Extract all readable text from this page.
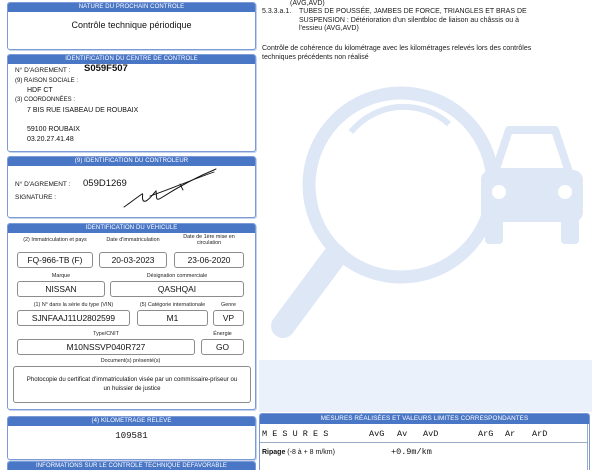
NATURE DU PROCHAIN CONTRÔLE
Contrôle technique périodique
IDENTIFICATION DU CENTRE DE CONTRÔLE
N° D'AGREMENT : S059F507
(9) RAISON SOCIALE :
HDF CT
(3) COORDONNÉES :
7 BIS RUE ISABEAU DE ROUBAIX
59100 ROUBAIX
03.20.27.41.48
(9) IDENTIFICATION DU CONTRÔLEUR
N° D'AGREMENT : 059D1269
SIGNATURE :
IDENTIFICATION DU VÉHICULE
(2) Immatriculation et pays	Date d'immatriculation	Date de 1ère mise en circulation
FQ-966-TB (F)	20-03-2023	23-06-2020
Marque	Désignation commerciale
NISSAN	QASHQAI
(1) N° dans la série du type (VIN)	(5) Catégorie internationale	Genre
SJNFAAJ11U2802599	M1	VP
Type/CNIT	Énergie
M10NSSVP040R727	GO
Document(s) présenté(s)
Photocopie du certificat d'immatriculation visée par un commissaire-priseur ou
un huissier de justice
(4) KILOMÉTRAGE RELEVÉ
109581
INFORMATIONS SUR LE CONTRÔLE TECHNIQUE DÉFAVORABLE
(AVG,AVD)
5.3.3.a.1. TUBES DE POUSSÉE, JAMBES DE FORCE, TRIANGLES ET BRAS DE
SUSPENSION : Détérioration d'un silentbloc de liaison au châssis ou à
l'essieu (AVG,AVD)
Contrôle de cohérence du kilométrage avec les kilométrages relevés lors des contrôles
techniques précédents non réalisé
MESURES RÉALISÉES ET VALEURS LIMITES CORRESPONDANTES
M E S U R E S	AvG Av AvD	ArG Ar ArD
Ripage (-8 à + 8 m/km)	+0.9m/km
